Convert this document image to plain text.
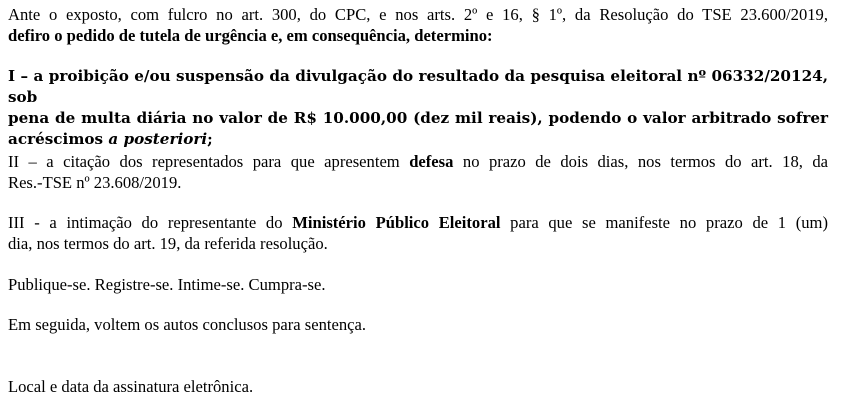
Ante o exposto, com fulcro no art. 300, do CPC, e nos arts. 2º e 16, § 1º, da Resolução do TSE 23.600/2019,

defiro o pedido de tutela de urgência e, em consequência, determino:

I – a proibição e/ou suspensão da divulgação do resultado da pesquisa eleitoral nº 06332/20124, sob

pena de multa diária no valor de R$ 10.000,00 (dez mil reais), podendo o valor arbitrado sofrer

acréscimos a posteriori;

II – a citação dos representados para que apresentem defesa no prazo de dois dias, nos termos do art. 18, da

Res.-TSE nº 23.608/2019.

III - a intimação do representante do Ministério Público Eleitoral para que se manifeste no prazo de 1 (um)

dia, nos termos do art. 19, da referida resolução.

Publique-se. Registre-se. Intime-se. Cumpra-se.

Em seguida, voltem os autos conclusos para sentença.

Local e data da assinatura eletrônica.
